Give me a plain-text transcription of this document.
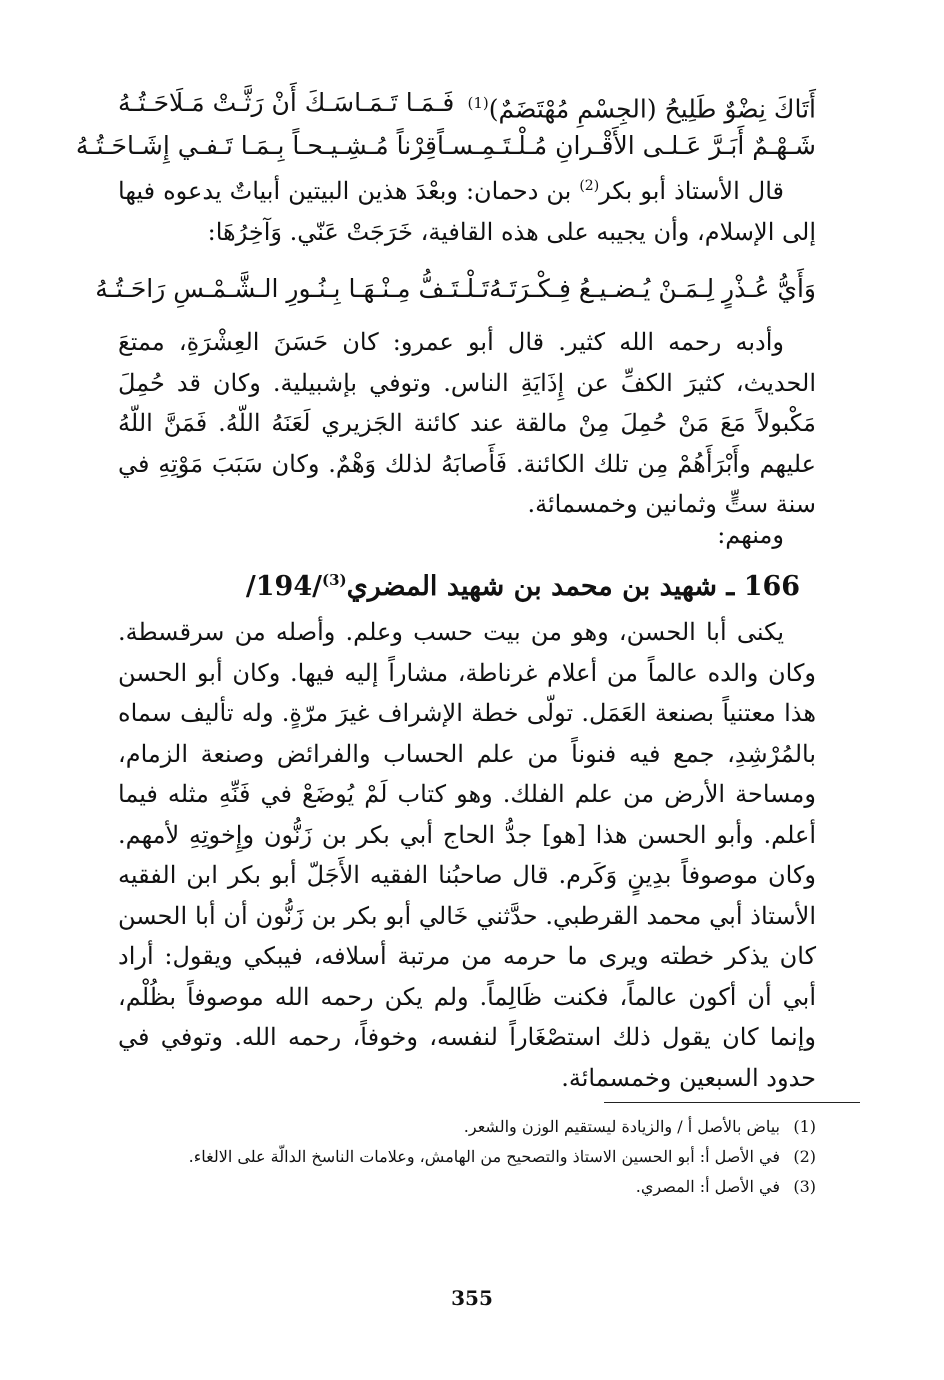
أَتَاكَ نِضْوٌ طَلِيحُ (الجِسْمِ مُهْتَضَمٌ)$^{(1)}$
فَـمَـا تَـمَـاسَـكَ أَنْ رَثَّـتْ مَـلَاحَـتُـهُ
شَـهْـمٌ أَبَـرَّ عَـلـى الأَقْـرانِ مُـلْـتَـمِـسـاً
قِرْناً مُـشِـيـحـاً بِـمَـا تَـفـي إِشَـاحَـتُـهُ

قال الأستاذ أبو بكر$^{(2)}$ بن دحمان: وبعْدَ هذين البيتين أبياتٌ يدعوه فيها إلى الإسلام، وأن يجيبه على هذه القافية، خَرَجَتْ عَنّي. وَآخِرُهَا:

وَأَيُّ عُـذْرٍ لِـمَـنْ يُـضـيـعُ فِـكْـرَتَـهُ
تَـلْـتَـفُّ مِـنْـهَـا بِـنُـورِ الـشَّـمْـسِ رَاحَـتُـهُ

وأدبه رحمه الله كثير. قال أبو عمرو: كان حَسَنَ العِشْرَةِ، ممتعَ الحديث، كثيرَ الكفِّ عن إِذَايَةِ الناس. وتوفي بإشبيلية. وكان قد حُمِلَ مَكْبولاً مَعَ مَنْ حُمِلَ مِنْ مالقة عند كائنة الجَزيري لَعَنَهُ اللّهُ. فَمَنَّ اللّهُ عليهم وأَبْرَأَهُمْ مِن تلك الكائنة. فَأَصابَهُ لذلك وَهْمٌ. وكان سَبَبَ مَوْتِهِ في سنة ستٍّ وثمانين وخمسمائة.

ومنهم:

166 ـ شهيد بن محمد بن شهيد المضري$^{(3)}$/194/

يكنى أبا الحسن، وهو من بيت حسب وعلم. وأصله من سرقسطة. وكان والده عالماً من أعلام غرناطة، مشاراً إليه فيها. وكان أبو الحسن هذا معتنياً بصنعة العَمَل. تولّى خطة الإشراف غيرَ مرّةٍ. وله تأليف سماه بالمُرْشِدِ، جمع فيه فنوناً من علم الحساب والفرائض وصنعة الزمام، ومساحة الأرض من علم الفلك. وهو كتاب لَمْ يُوضَعْ في فَنِّهِ مثله فيما أعلم. وأبو الحسن هذا [هو] جدُّ الحاج أبي بكر بن زَنُّون وإِخوتِهِ لأمهم. وكان موصوفاً بدِينٍ وَكَرم. قال صاحبُنا الفقيه الأَجَلّ أبو بكر ابن الفقيه الأستاذ أبي محمد القرطبي. حدَّثني خَالي أبو بكر بن زَنُّون أن أبا الحسن كان يذكر خطته ويرى ما حرمه من مرتبة أسلافه، فيبكي ويقول: أراد أبي أن أكون عالماً، فكنت ظَالِماً. ولم يكن رحمه الله موصوفاً بظُلْم، وإنما كان يقول ذلك استصْغَاراً لنفسه، وخوفاً، رحمه الله. وتوفي في حدود السبعين وخمسمائة.

(1)
بياض بالأصل أ / والزيادة ليستقيم الوزن والشعر.
(2)
في الأصل أ: أبو الحسين الاستاذ والتصحيح من الهامش، وعلامات الناسخ الدالّة على الالغاء.
(3)
في الأصل أ: المصري.
355
